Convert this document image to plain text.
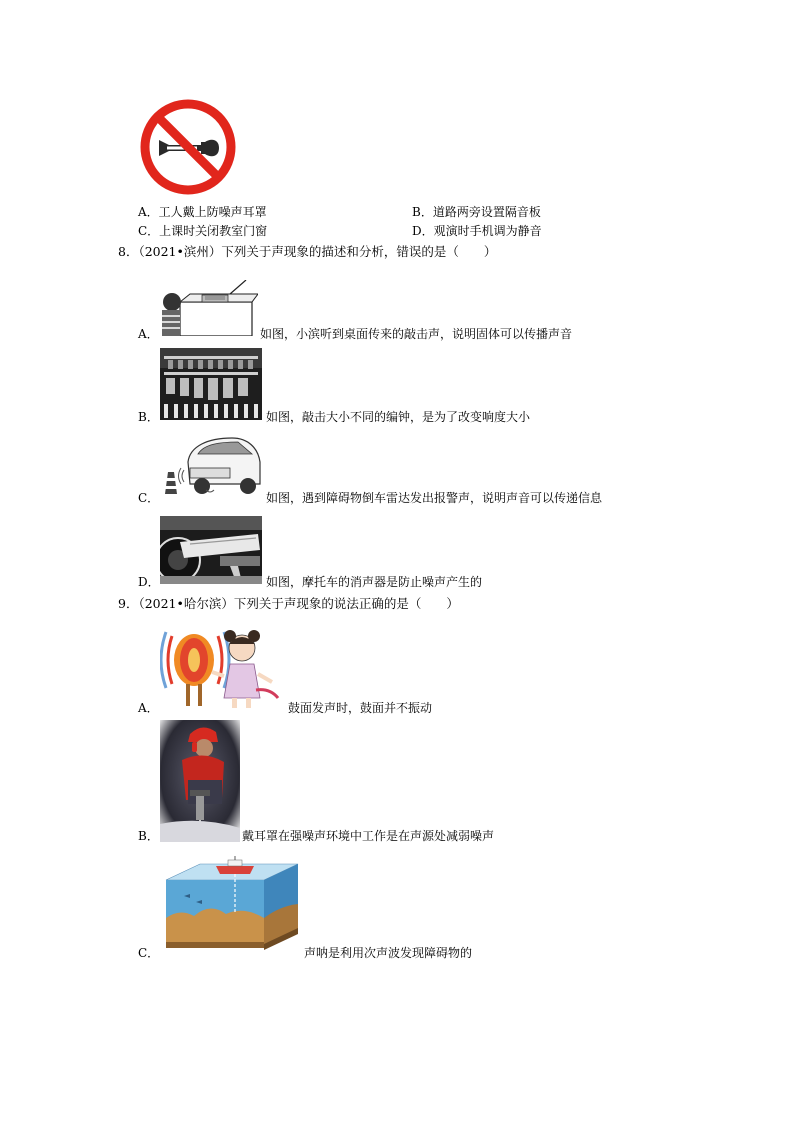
A．工人戴上防噪声耳罩	B．道路两旁设置隔音板
C．上课时关闭教室门窗	D．观演时手机调为静音
8．（2021•滨州）下列关于声现象的描述和分析，错误的是（　　）
A．	如图，小滨听到桌面传来的敲击声，说明固体可以传播声音
B．	如图，敲击大小不同的编钟，是为了改变响度大小
C．	如图，遇到障碍物倒车雷达发出报警声，说明声音可以传递信息
D．	如图，摩托车的消声器是防止噪声产生的
9．（2021•哈尔滨）下列关于声现象的说法正确的是（　　）
A．	鼓面发声时，鼓面并不振动
B．	戴耳罩在强噪声环境中工作是在声源处减弱噪声
C．	声呐是利用次声波发现障碍物的
